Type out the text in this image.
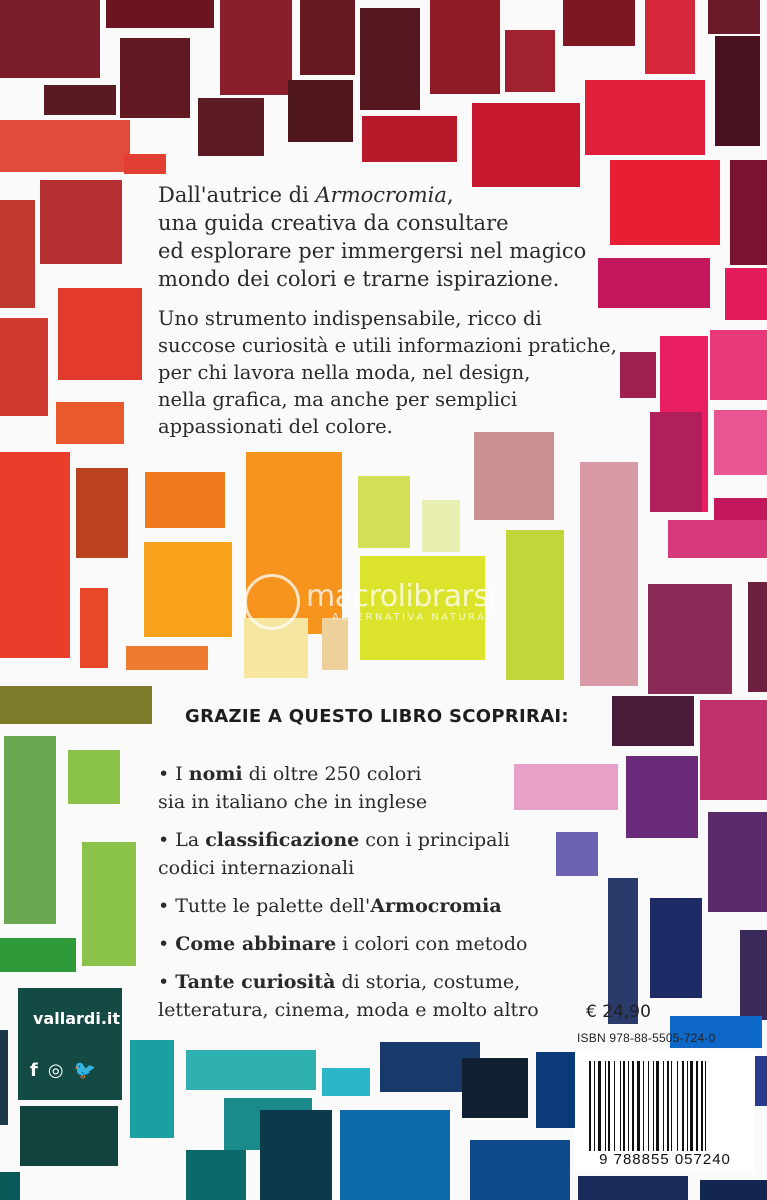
Dall'autrice di Armocromia,
una guida creativa da consultare
ed esplorare per immergersi nel magico
mondo dei colori e trarne ispirazione.
Uno strumento indispensabile, ricco di
succose curiosità e utili informazioni pratiche,
per chi lavora nella moda, nel design,
nella grafica, ma anche per semplici
appassionati del colore.
macrolibrarsi
ALTERNATIVA NATURALE
GRAZIE A QUESTO LIBRO SCOPRIRAI:
• I nomi di oltre 250 colori
sia in italiano che in inglese
• La classificazione con i principali
codici internazionali
• Tutte le palette dell'Armocromia
• Come abbinare i colori con metodo
• Tante curiosità di storia, costume,
letteratura, cinema, moda e molto altro
vallardi.it
f ◎ 🐦
€ 24,90
ISBN 978-88-5505-724-0
9 788855 057240
